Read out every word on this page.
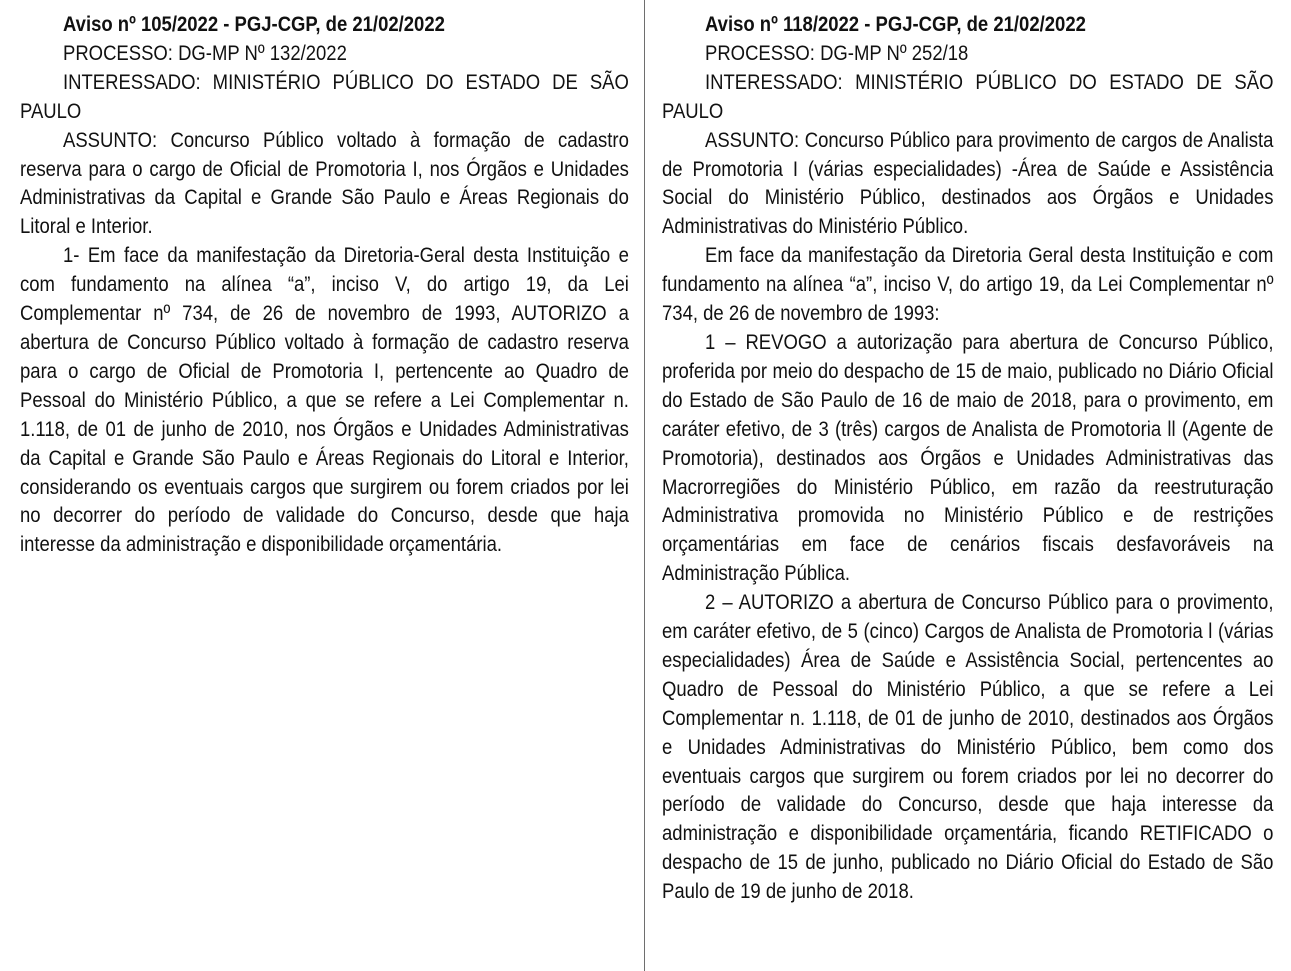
Aviso nº 105/2022 - PGJ-CGP, de 21/02/2022

PROCESSO: DG-MP Nº 132/2022

INTERESSADO: MINISTÉRIO PÚBLICO DO ESTADO DE SÃO PAULO

ASSUNTO: Concurso Público voltado à formação de cadastro reserva para o cargo de Oficial de Promotoria I, nos Órgãos e Unidades Administrativas da Capital e Grande São Paulo e Áreas Regionais do Litoral e Interior.

1- Em face da manifestação da Diretoria-Geral desta Instituição e com fundamento na alínea “a”, inciso V, do artigo 19, da Lei Complementar nº 734, de 26 de novembro de 1993, AUTORIZO a abertura de Concurso Público voltado à formação de cadastro reserva para o cargo de Oficial de Promotoria I, pertencente ao Quadro de Pessoal do Ministério Público, a que se refere a Lei Complementar n. 1.118, de 01 de junho de 2010, nos Órgãos e Unidades Administrativas da Capital e Grande São Paulo e Áreas Regionais do Litoral e Interior, considerando os eventuais cargos que surgirem ou forem criados por lei no decorrer do período de validade do Concurso, desde que haja interesse da administração e disponibilidade orçamentária.

Aviso nº 118/2022 - PGJ-CGP, de 21/02/2022

PROCESSO: DG-MP Nº 252/18

INTERESSADO: MINISTÉRIO PÚBLICO DO ESTADO DE SÃO PAULO

ASSUNTO: Concurso Público para provimento de cargos de Analista de Promotoria I (várias especialidades) -Área de Saúde e Assistência Social do Ministério Público, destinados aos Órgãos e Unidades Administrativas do Ministério Público.

Em face da manifestação da Diretoria Geral desta Instituição e com fundamento na alínea “a”, inciso V, do artigo 19, da Lei Complementar nº 734, de 26 de novembro de 1993:

1 – REVOGO a autorização para abertura de Concurso Público, proferida por meio do despacho de 15 de maio, publicado no Diário Oficial do Estado de São Paulo de 16 de maio de 2018, para o provimento, em caráter efetivo, de 3 (três) cargos de Analista de Promotoria ll (Agente de Promotoria), destinados aos Órgãos e Unidades Administrativas das Macrorregiões do Ministério Público, em razão da reestruturação Administrativa promovida no Ministério Público e de restrições orçamentárias em face de cenários fiscais desfavoráveis na Administração Pública.

2 – AUTORIZO a abertura de Concurso Público para o provimento, em caráter efetivo, de 5 (cinco) Cargos de Analista de Promotoria l (várias especialidades) Área de Saúde e Assistência Social, pertencentes ao Quadro de Pessoal do Ministério Público, a que se refere a Lei Complementar n. 1.118, de 01 de junho de 2010, destinados aos Órgãos e Unidades Administrativas do Ministério Público, bem como dos eventuais cargos que surgirem ou forem criados por lei no decorrer do período de validade do Concurso, desde que haja interesse da administração e disponibilidade orçamentária, ficando RETIFICADO o despacho de 15 de junho, publicado no Diário Oficial do Estado de São Paulo de 19 de junho de 2018.
